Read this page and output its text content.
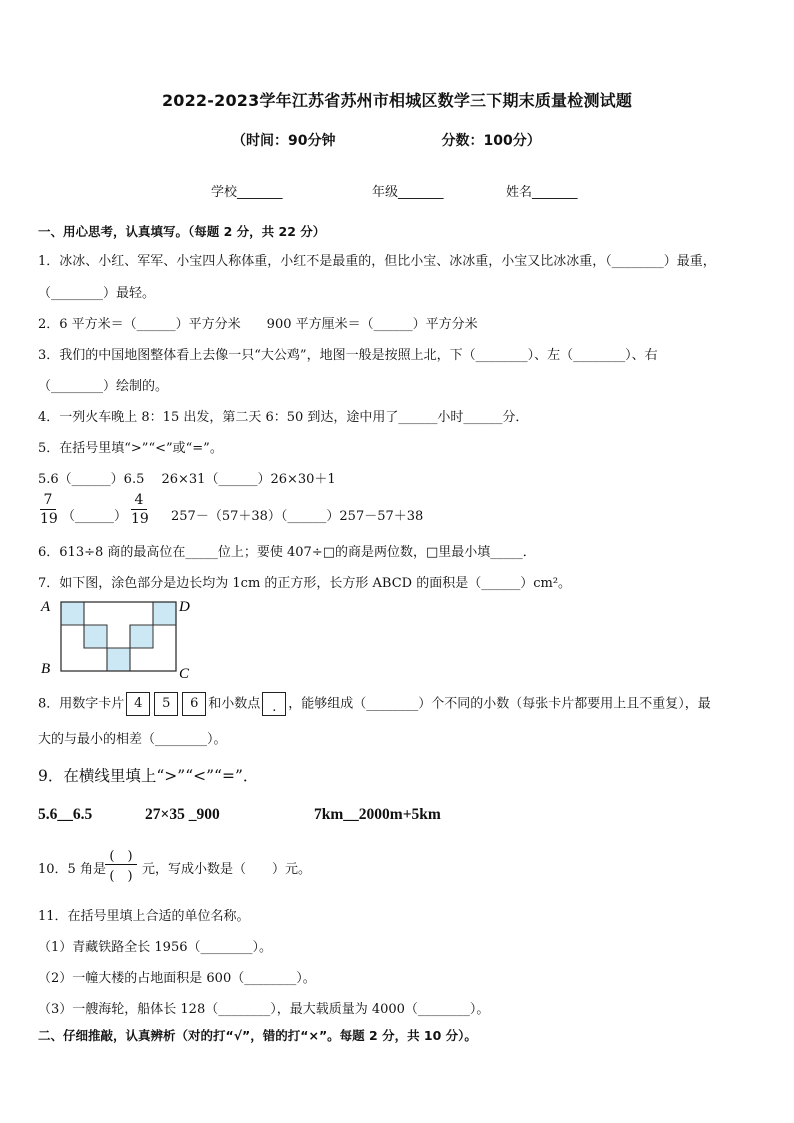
2022-2023学年江苏省苏州市相城区数学三下期末质量检测试题
（时间：90分钟	分数：100分）
学校_______	年级_______	姓名_______
一、用心思考，认真填写。（每题 2 分，共 22 分）
1．冰冰、小红、军军、小宝四人称体重，小红不是最重的，但比小宝、冰冰重，小宝又比冰冰重，（________）最重，
（________）最轻。
2．6 平方米＝（______）平方分米　　900 平方厘米＝（______）平方分米
3．我们的中国地图整体看上去像一只“大公鸡”，地图一般是按照上北，下（________）、左（________）、右
（________）绘制的。
4．一列火车晚上 8：15 出发，第二天 6：50 到达，途中用了______小时______分．
5．在括号里填“>”“<”或“=”。
5.6（______）6.5　 26×31（______）26×30＋1
7
19 （______）
4
19 257－（57＋38）（______）257－57＋38
6．613÷8 商的最高位在_____位上；要使 407÷□的商是两位数，□里最小填_____．
7．如下图，涂色部分是边长均为 1cm 的正方形，长方形 ABCD 的面积是（______）cm²。
A
B	C
D
8．用数字卡片 4 5 6 和小数点 . ，能够组成（________）个不同的小数（每张卡片都要用上且不重复），最
大的与最小的相差（________）。
9．在横线里填上“>”“<”“=”．
5.6__6.5	27×35 _900	7km__2000m+5km
10．5 角是
(　)
(　) 元，写成小数是（　　）元。
11．在括号里填上合适的单位名称。
（1）青藏铁路全长 1956（________）。
（2）一幢大楼的占地面积是 600（________）。
（3）一艘海轮，船体长 128（________），最大载质量为 4000（________）。
二、仔细推敲，认真辨析（对的打“√”，错的打“×”。每题 2 分，共 10 分）。
